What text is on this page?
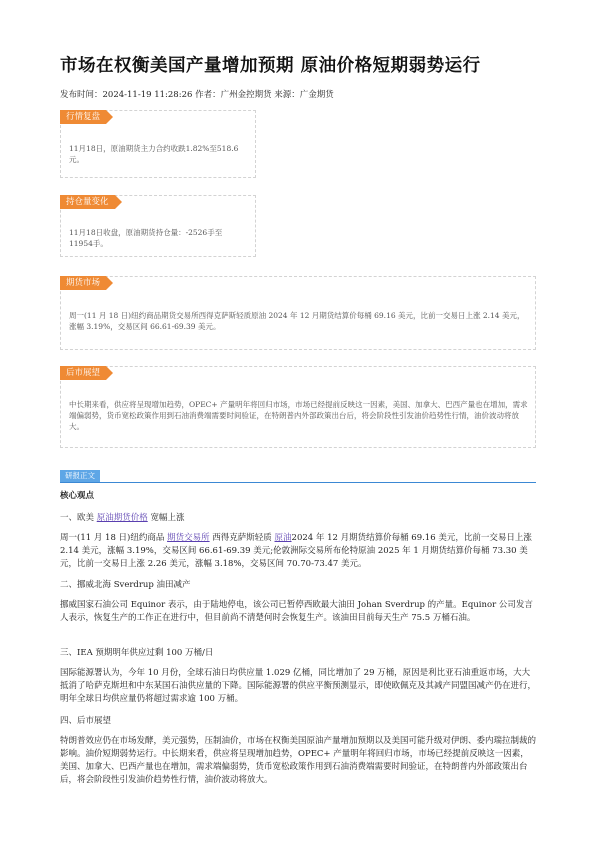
市场在权衡美国产量增加预期 原油价格短期弱势运行
发布时间：2024-11-19 11:28:26 作者：广州金控期货 来源：广金期货
行情复盘
11月18日，原油期货主力合约收跌1.82%至518.6元。
持仓量变化
11月18日收盘，原油期货持仓量：-2526手至11954手。
期货市场
周一(11 月 18 日)纽约商品期货交易所西得克萨斯轻质原油 2024 年 12 月期货结算价每桶 69.16 美元，比前一交易日上涨 2.14 美元，涨幅 3.19%，交易区间 66.61-69.39 美元。
后市展望
中长期来看，供应将呈现增加趋势，OPEC+ 产量明年将回归市场，市场已经提前反映这一因素，美国、加拿大、巴西产量也在增加，需求端偏弱势，货币宽松政策作用到石油消费端需要时间验证，在特朗普内外部政策出台后，将会阶段性引发油价趋势性行情，油价波动将放大。
研报正文
核心观点
一、欧美 原油期货价格 宽幅上涨
周一(11 月 18 日)纽约商品 期货交易所 西得克萨斯轻质 原油2024 年 12 月期货结算价每桶 69.16 美元，比前一交易日上涨 2.14 美元，涨幅 3.19%，交易区间 66.61-69.39 美元;伦敦洲际交易所布伦特原油 2025 年 1 月期货结算价每桶 73.30 美元，比前一交易日上涨 2.26 美元，涨幅 3.18%，交易区间 70.70-73.47 美元。
二、挪威北海 Sverdrup 油田减产
挪威国家石油公司 Equinor 表示，由于陆地停电，该公司已暂停西欧最大油田 Johan Sverdrup 的产量。Equinor 公司发言人表示，恢复生产的工作正在进行中，但目前尚不清楚何时会恢复生产。该油田目前每天生产 75.5 万桶石油。
三、IEA 预期明年供应过剩 100 万桶/日
国际能源署认为，今年 10 月份，全球石油日均供应量 1.029 亿桶，同比增加了 29 万桶，原因是利比亚石油重返市场，大大抵消了哈萨克斯坦和中东某国石油供应量的下降。国际能源署的供应平衡预测显示，即使欧佩克及其减产同盟国减产仍在进行，明年全球日均供应量仍将超过需求逾 100 万桶。
四、后市展望
特朗普效应仍在市场发酵，美元强势，压制油价，市场在权衡美国原油产量增加预期以及美国可能升级对伊朗、委内瑞拉制裁的影响。油价短期弱势运行。中长期来看，供应将呈现增加趋势，OPEC+ 产量明年将回归市场，市场已经提前反映这一因素，美国、加拿大、巴西产量也在增加，需求端偏弱势，货币宽松政策作用到石油消费端需要时间验证，在特朗普内外部政策出台后，将会阶段性引发油价趋势性行情，油价波动将放大。
